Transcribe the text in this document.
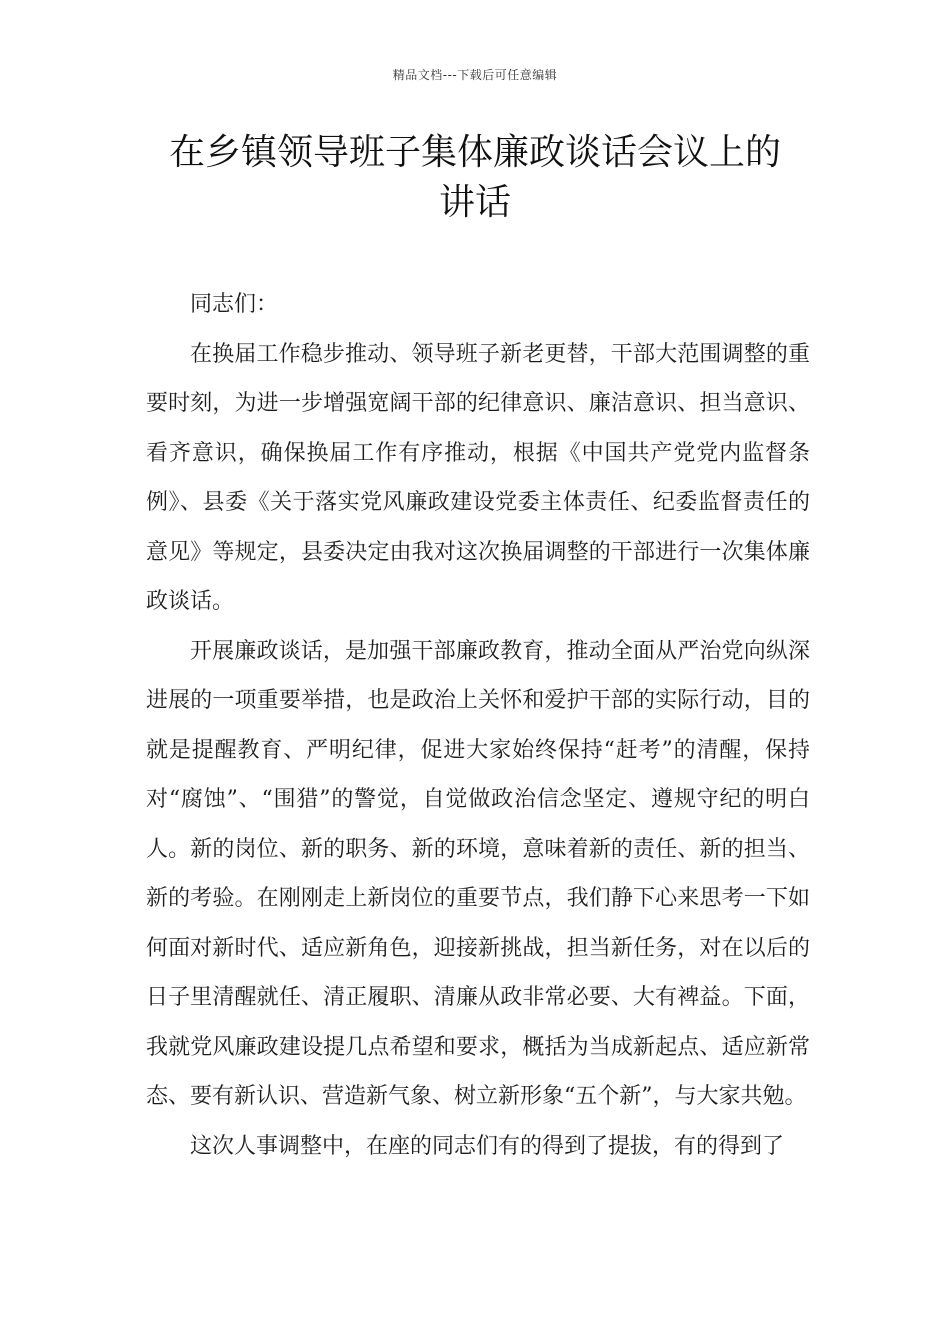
精品文档---下载后可任意编辑
在乡镇领导班子集体廉政谈话会议上的
讲话

同志们：

在换届工作稳步推动、领导班子新老更替，干部大范围调整的重要时刻，为进一步增强宽阔干部的纪律意识、廉洁意识、担当意识、看齐意识，确保换届工作有序推动，根据《中国共产党党内监督条例》、县委《关于落实党风廉政建设党委主体责任、纪委监督责任的意见》等规定，县委决定由我对这次换届调整的干部进行一次集体廉政谈话。

开展廉政谈话，是加强干部廉政教育，推动全面从严治党向纵深进展的一项重要举措，也是政治上关怀和爱护干部的实际行动，目的就是提醒教育、严明纪律，促进大家始终保持“赶考”的清醒，保持对“腐蚀”、“围猎”的警觉，自觉做政治信念坚定、遵规守纪的明白人。新的岗位、新的职务、新的环境，意味着新的责任、新的担当、新的考验。在刚刚走上新岗位的重要节点，我们静下心来思考一下如何面对新时代、适应新角色，迎接新挑战，担当新任务，对在以后的日子里清醒就任、清正履职、清廉从政非常必要、大有裨益。下面，我就党风廉政建设提几点希望和要求，概括为当成新起点、适应新常态、要有新认识、营造新气象、树立新形象“五个新”，与大家共勉。

这次人事调整中，在座的同志们有的得到了提拔，有的得到了
